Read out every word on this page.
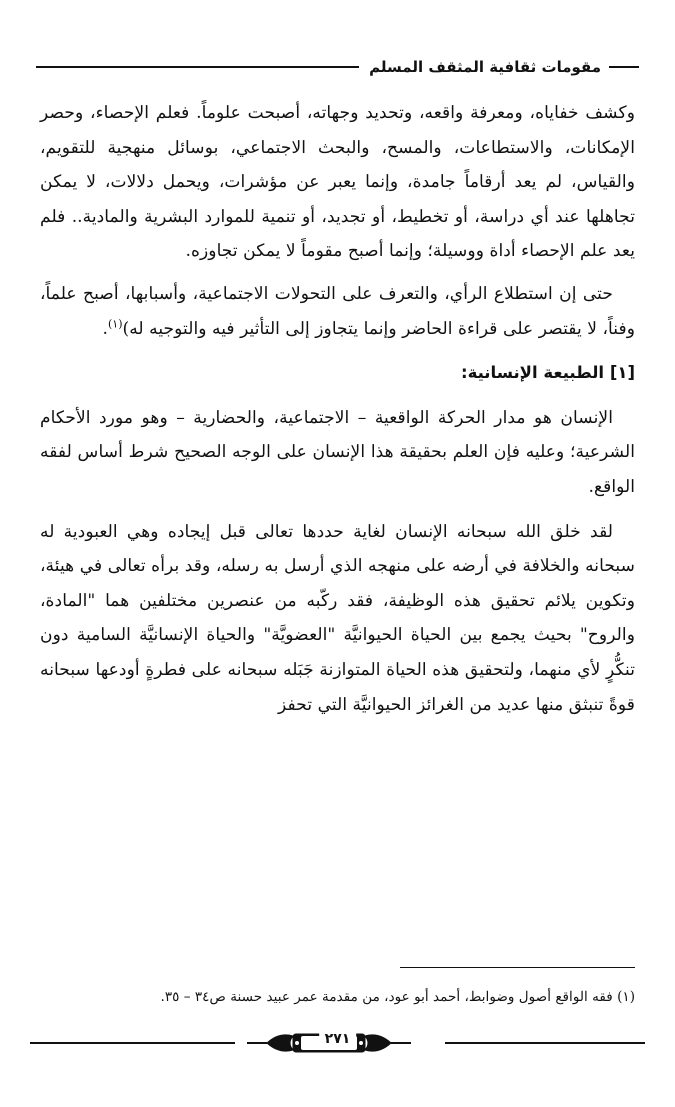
مقومات ثقافية المثقف المسلم

وكشف خفاياه، ومعرفة واقعه، وتحديد وجهاته، أصبحت علوماً. فعلم الإحصاء، وحصر الإمكانات، والاستطاعات، والمسح، والبحث الاجتماعي، بوسائل منهجية للتقويم، والقياس، لم يعد أرقاماً جامدة، وإنما يعبر عن مؤشرات، ويحمل دلالات، لا يمكن تجاهلها عند أي دراسة، أو تخطيط، أو تجديد، أو تنمية للموارد البشرية والمادية.. فلم يعد علم الإحصاء أداة ووسيلة؛ وإنما أصبح مقوماً لا يمكن تجاوزه.

حتى إن استطلاع الرأي، والتعرف على التحولات الاجتماعية، وأسبابها، أصبح علماً، وفناً، لا يقتصر على قراءة الحاضر وإنما يتجاوز إلى التأثير فيه والتوجيه له)$^{(١)}$.

[١] الطبيعة الإنسانية:

الإنسان هو مدار الحركة الواقعية – الاجتماعية، والحضارية – وهو مورد الأحكام الشرعية؛ وعليه فإن العلم بحقيقة هذا الإنسان على الوجه الصحيح شرط أساس لفقه الواقع.

لقد خلق الله سبحانه الإنسان لغاية حددها تعالى قبل إيجاده وهي العبودية له سبحانه والخلافة في أرضه على منهجه الذي أرسل به رسله، وقد برأه تعالى في هيئة، وتكوين يلائم تحقيق هذه الوظيفة، فقد ركّبه من عنصرين مختلفين هما "المادة، والروح" بحيث يجمع بين الحياة الحيوانيَّة "العضويَّة" والحياة الإنسانيَّة السامية دون تنكُّرٍ لأي منهما، ولتحقيق هذه الحياة المتوازنة جَبَله سبحانه على فطرةٍ أودعها سبحانه قوةً تنبثق منها عديد من الغرائز الحيوانيَّة التي تحفز

(١) فقه الواقع أصول وضوابط، أحمد أبو عود، من مقدمة عمر عبيد حسنة ص٣٤ – ٣٥.
٢٧١
